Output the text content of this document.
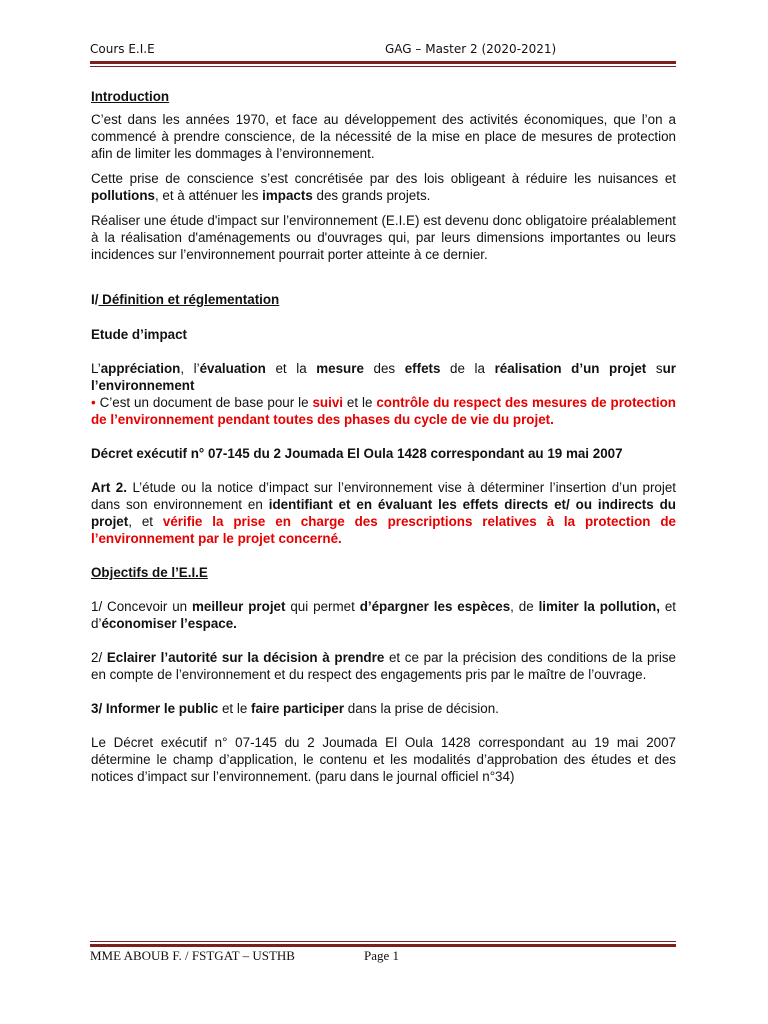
Cours E.I.E	GAG – Master 2 (2020-2021)

Introduction

C’est dans les années 1970, et face au développement des activités économiques, que l’on a commencé à prendre conscience, de la nécessité de la mise en place de mesures de protection afin de limiter les dommages à l’environnement.

Cette prise de conscience s’est concrétisée par des lois obligeant à réduire les nuisances et pollutions, et à atténuer les impacts des grands projets.

Réaliser une étude d'impact sur l’environnement (E.I.E) est devenu donc obligatoire préalablement à la réalisation d'aménagements ou d'ouvrages qui, par leurs dimensions importantes ou leurs incidences sur l’environnement pourrait porter atteinte à ce dernier.

I/ Définition et réglementation

Etude d’impact

L’appréciation, l’évaluation et la mesure des effets de la réalisation d’un projet sur l’environnement

• C’est un document de base pour le suivi et le contrôle du respect des mesures de protection de l’environnement pendant toutes des phases du cycle de vie du projet.

Décret exécutif n° 07-145 du 2 Joumada El Oula 1428 correspondant au 19 mai 2007

Art 2. L’étude ou la notice d’impact sur l’environnement vise à déterminer l’insertion d’un projet dans son environnement en identifiant et en évaluant les effets directs et/ ou indirects du projet, et vérifie la prise en charge des prescriptions relatives à la protection de l’environnement par le projet concerné.

Objectifs de l’E.I.E

1/ Concevoir un meilleur projet qui permet d’épargner les espèces, de limiter la pollution, et d’économiser l’espace.

2/ Eclairer l’autorité sur la décision à prendre et ce par la précision des conditions de la prise en compte de l’environnement et du respect des engagements pris par le maître de l’ouvrage.

3/ Informer le public et le faire participer dans la prise de décision.

Le Décret exécutif n° 07-145 du 2 Joumada El Oula 1428 correspondant au 19 mai 2007 détermine le champ d’application, le contenu et les modalités d’approbation des études et des notices d’impact sur l’environnement. (paru dans le journal officiel n°34)

MME ABOUB F. / FSTGAT – USTHB	Page 1
